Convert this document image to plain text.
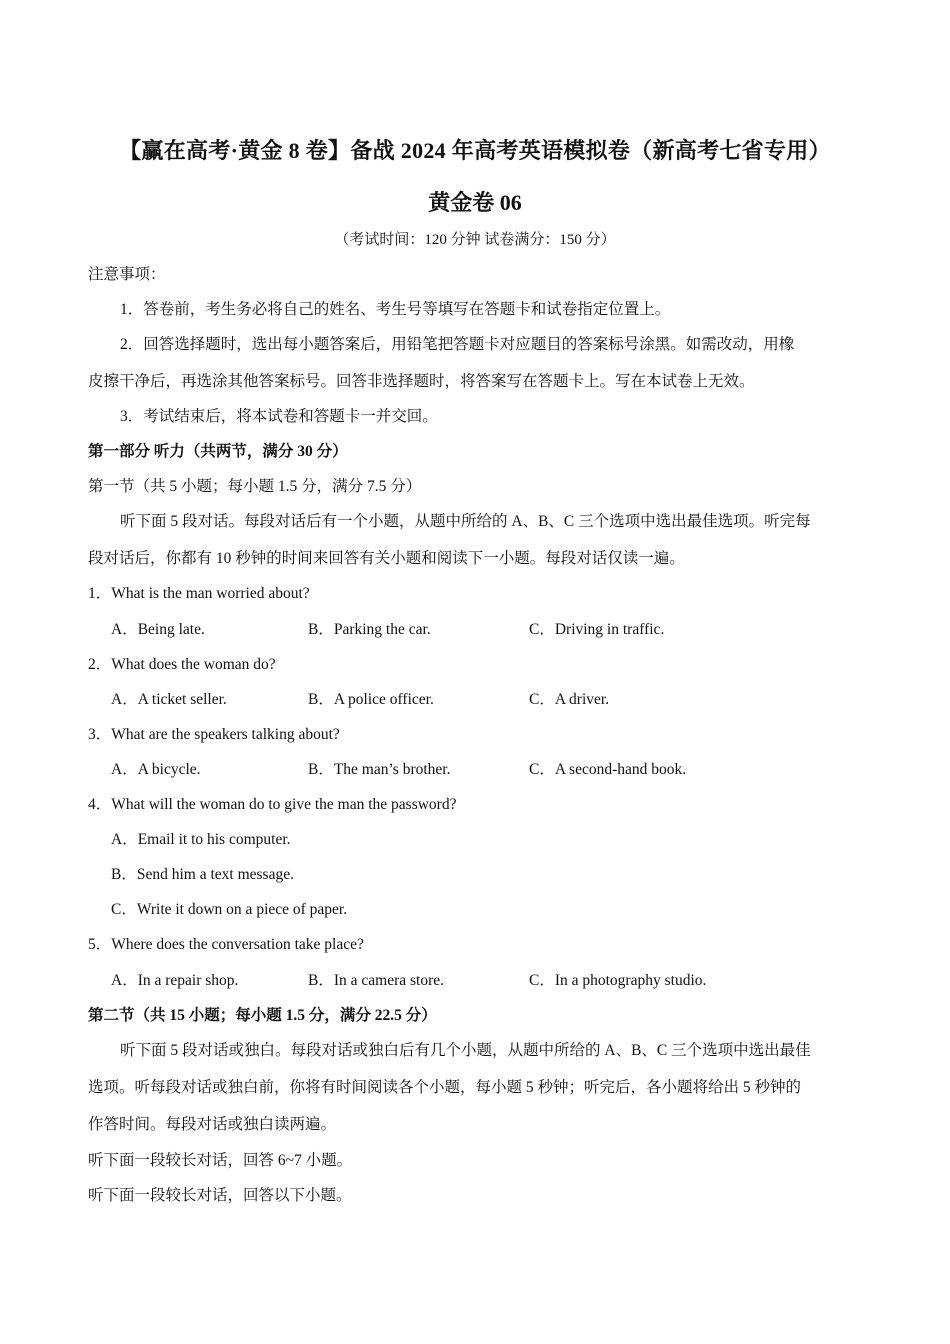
【赢在高考·黄金 8 卷】备战 2024 年高考英语模拟卷（新高考七省专用）
黄金卷 06
（考试时间：120 分钟 试卷满分：150 分）
注意事项：
1．答卷前，考生务必将自己的姓名、考生号等填写在答题卡和试卷指定位置上。
2．回答选择题时，选出每小题答案后，用铅笔把答题卡对应题目的答案标号涂黑。如需改动，用橡
皮擦干净后，再选涂其他答案标号。回答非选择题时，将答案写在答题卡上。写在本试卷上无效。
3．考试结束后，将本试卷和答题卡一并交回。
第一部分 听力（共两节，满分 30 分）
第一节（共 5 小题；每小题 1.5 分，满分 7.5 分）
听下面 5 段对话。每段对话后有一个小题，从题中所给的 A、B、C 三个选项中选出最佳选项。听完每
段对话后，你都有 10 秒钟的时间来回答有关小题和阅读下一小题。每段对话仅读一遍。
1．What is the man worried about?
A．Being late.	B．Parking the car.	C．Driving in traffic.
2．What does the woman do?
A．A ticket seller.	B．A police officer.	C．A driver.
3．What are the speakers talking about?
A．A bicycle.	B．The man’s brother.	C．A second-hand book.
4．What will the woman do to give the man the password?
A．Email it to his computer.
B．Send him a text message.
C．Write it down on a piece of paper.
5．Where does the conversation take place?
A．In a repair shop.	B．In a camera store.	C．In a photography studio.
第二节（共 15 小题；每小题 1.5 分，满分 22.5 分）
听下面 5 段对话或独白。每段对话或独白后有几个小题，从题中所给的 A、B、C 三个选项中选出最佳
选项。听每段对话或独白前，你将有时间阅读各个小题，每小题 5 秒钟；听完后，各小题将给出 5 秒钟的
作答时间。每段对话或独白读两遍。
听下面一段较长对话，回答 6~7 小题。
听下面一段较长对话，回答以下小题。
